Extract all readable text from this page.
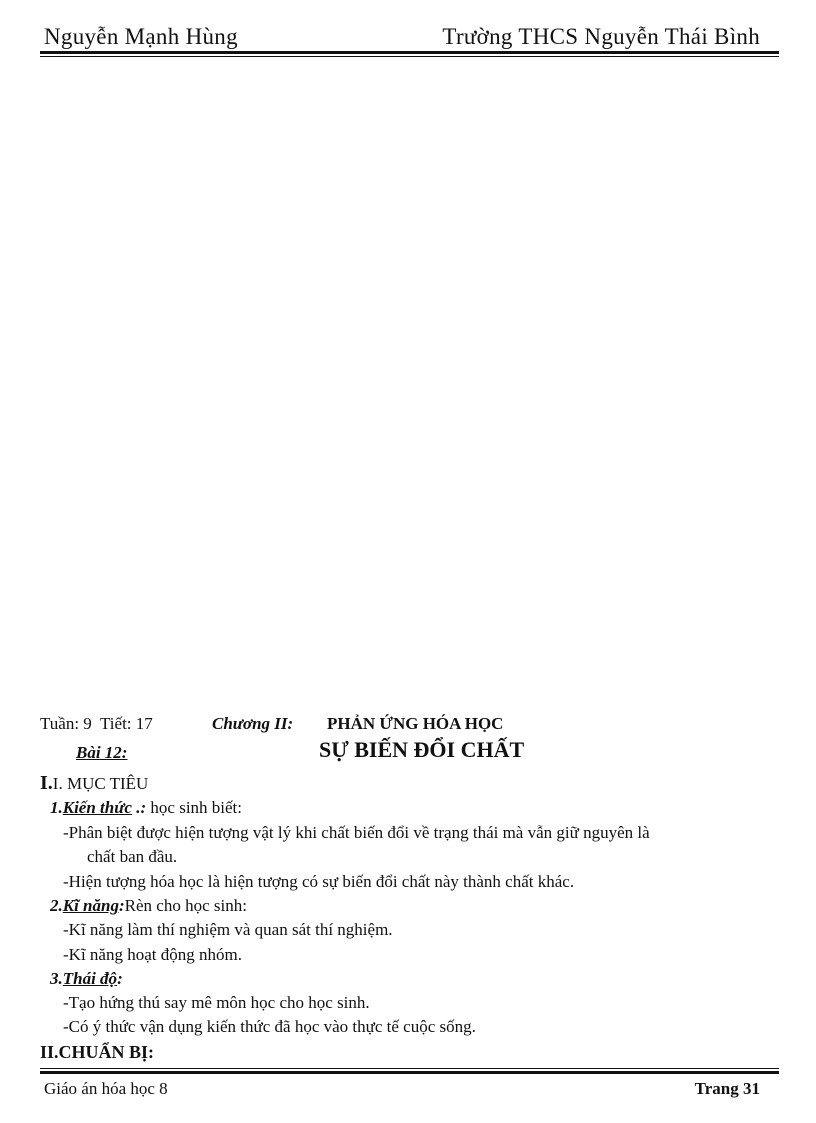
Nguyễn Mạnh Hùng	Trường THCS Nguyễn Thái Bình
Tuần: 9 Tiết: 17	Chương II: PHẢN ỨNG HÓA HỌC
Bài 12:	SỰ BIẾN ĐỔI CHẤT
I.I. MỤC TIÊU
1.Kiến thức .: học sinh biết:
-Phân biệt được hiện tượng vật lý khi chất biến đổi về trạng thái mà vẫn giữ nguyên là
chất ban đầu.
-Hiện tượng hóa học là hiện tượng có sự biến đổi chất này thành chất khác.
2.Kĩ năng:Rèn cho học sinh:
-Kĩ năng làm thí nghiệm và quan sát thí nghiệm.
-Kĩ năng hoạt động nhóm.
3.Thái độ:
-Tạo hứng thú say mê môn học cho học sinh.
-Có ý thức vận dụng kiến thức đã học vào thực tế cuộc sống.
II.CHUẨN BỊ:
Giáo án hóa học 8	Trang 31
